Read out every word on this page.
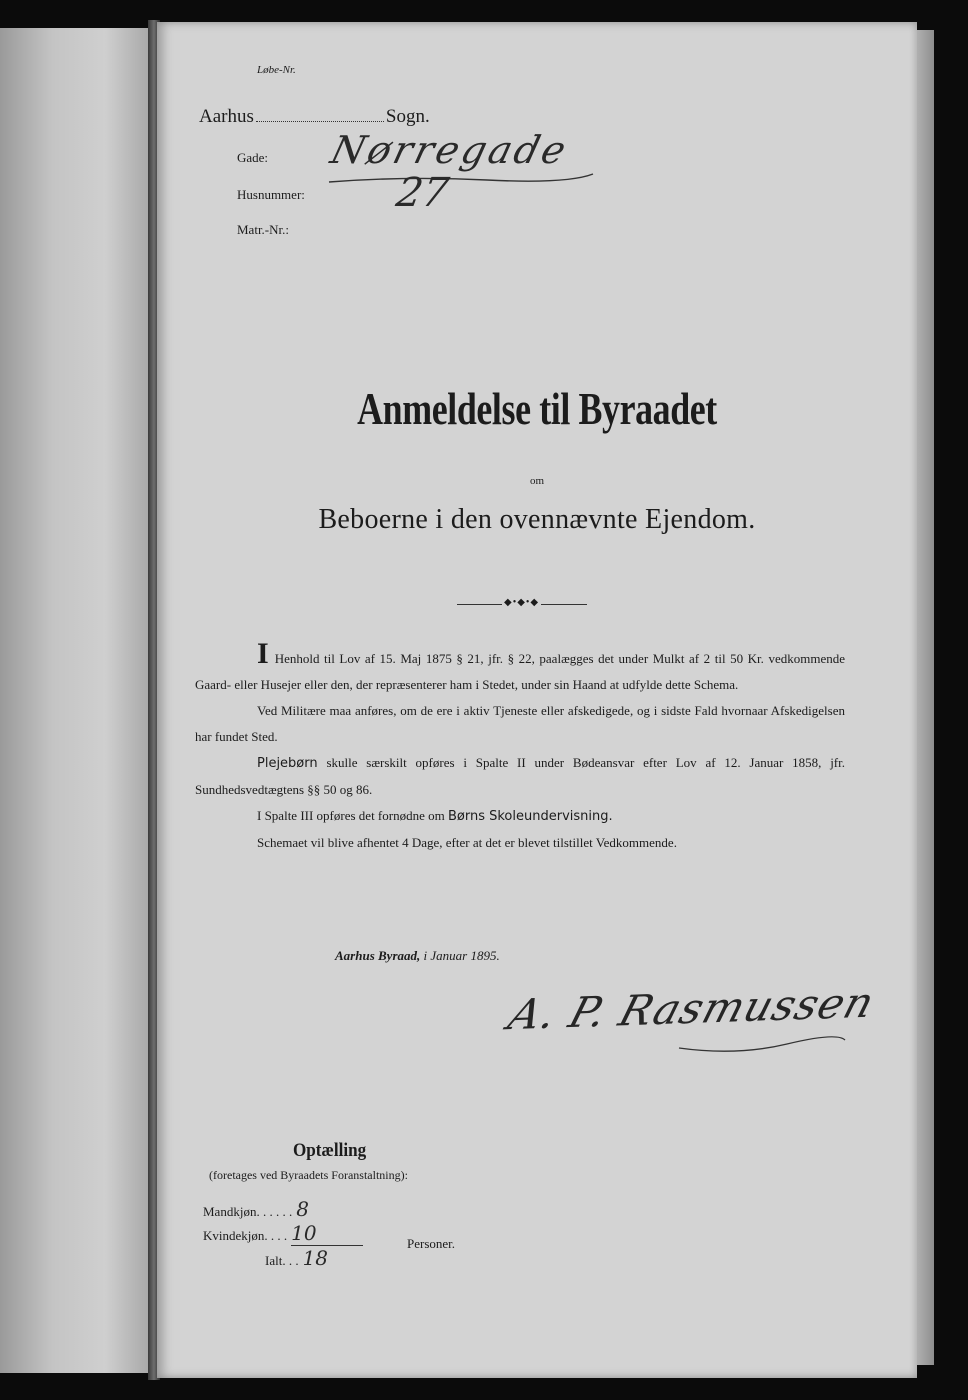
Løbe-Nr.
Aarhus	Sogn.
Gade: Nørregade
Husnummer: 27
Matr.-Nr.:
Anmeldelse til Byraadet
om
Beboerne i den ovennævnte Ejendom.
◆•◆•◆

I Henhold til Lov af 15. Maj 1875 § 21, jfr. § 22, paalægges det under Mulkt af 2 til 50 Kr. vedkommende Gaard- eller Husejer eller den, der repræsenterer ham i Stedet, under sin Haand at udfylde dette Schema.

Ved Militære maa anføres, om de ere i aktiv Tjeneste eller afskedigede, og i sidste Fald hvornaar Afskedigelsen har fundet Sted.

Plejebørn skulle særskilt opføres i Spalte II under Bødeansvar efter Lov af 12. Januar 1858, jfr. Sundhedsvedtægtens §§ 50 og 86.

I Spalte III opføres det fornødne om Børns Skoleundervisning.

Schemaet vil blive afhentet 4 Dage, efter at det er blevet tilstillet Vedkommende.

Aarhus Byraad, i Januar 1895.
A. P. Rasmussen
Optælling
(foretages ved Byraadets Foranstaltning):
Mandkjøn . . . . . . 8
Kvindekjøn . . . . 10
Ialt . . . 18
Personer.
